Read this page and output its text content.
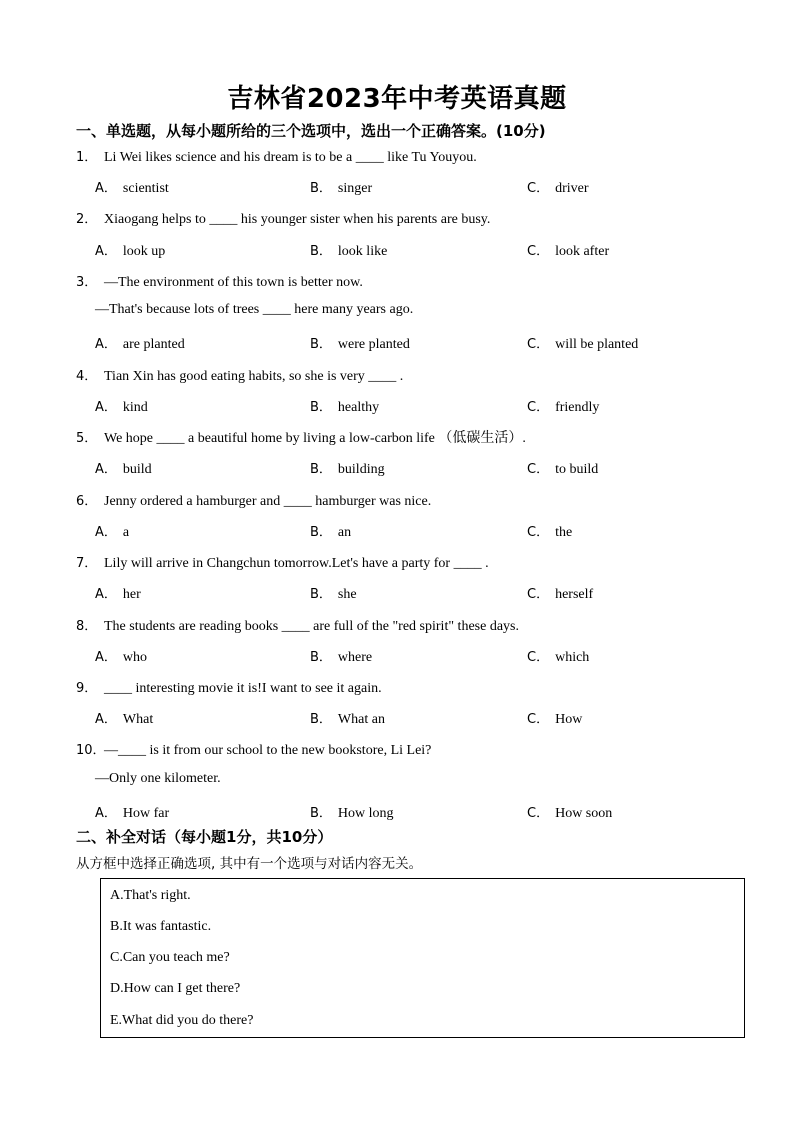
吉林省2023年中考英语真题
一、单选题，从每小题所给的三个选项中，选出一个正确答案。(10分)
1． Li Wei likes science and his dream is to be a ____ like Tu Youyou.
A． scientist	B． singer	C． driver
2． Xiaogang helps to ____ his younger sister when his parents are busy.
A． look up	B． look like	C． look after
3． —The environment of this town is better now.
—That's because lots of trees ____ here many years ago.
A． are planted	B． were planted	C． will be planted
4． Tian Xin has good eating habits, so she is very ____ .
A． kind	B． healthy	C． friendly
5． We hope ____ a beautiful home by living a low-carbon life （低碳生活）.
A． build	B． building	C． to build
6． Jenny ordered a hamburger and ____ hamburger was nice.
A． a	B． an	C． the
7． Lily will arrive in Changchun tomorrow.Let's have a party for ____ .
A． her	B． she	C． herself
8． The students are reading books ____ are full of the "red spirit" these days.
A． who	B． where	C． which
9． ____ interesting movie it is!I want to see it again.
A． What	B． What an	C． How
10．—____ is it from our school to the new bookstore, Li Lei?
—Only one kilometer.
A． How far	B． How long	C． How soon
二、补全对话（每小题1分，共10分）
从方框中选择正确选项, 其中有一个选项与对话内容无关。
A.That's right.
B.It was fantastic.
C.Can you teach me?
D.How can I get there?
E.What did you do there?
